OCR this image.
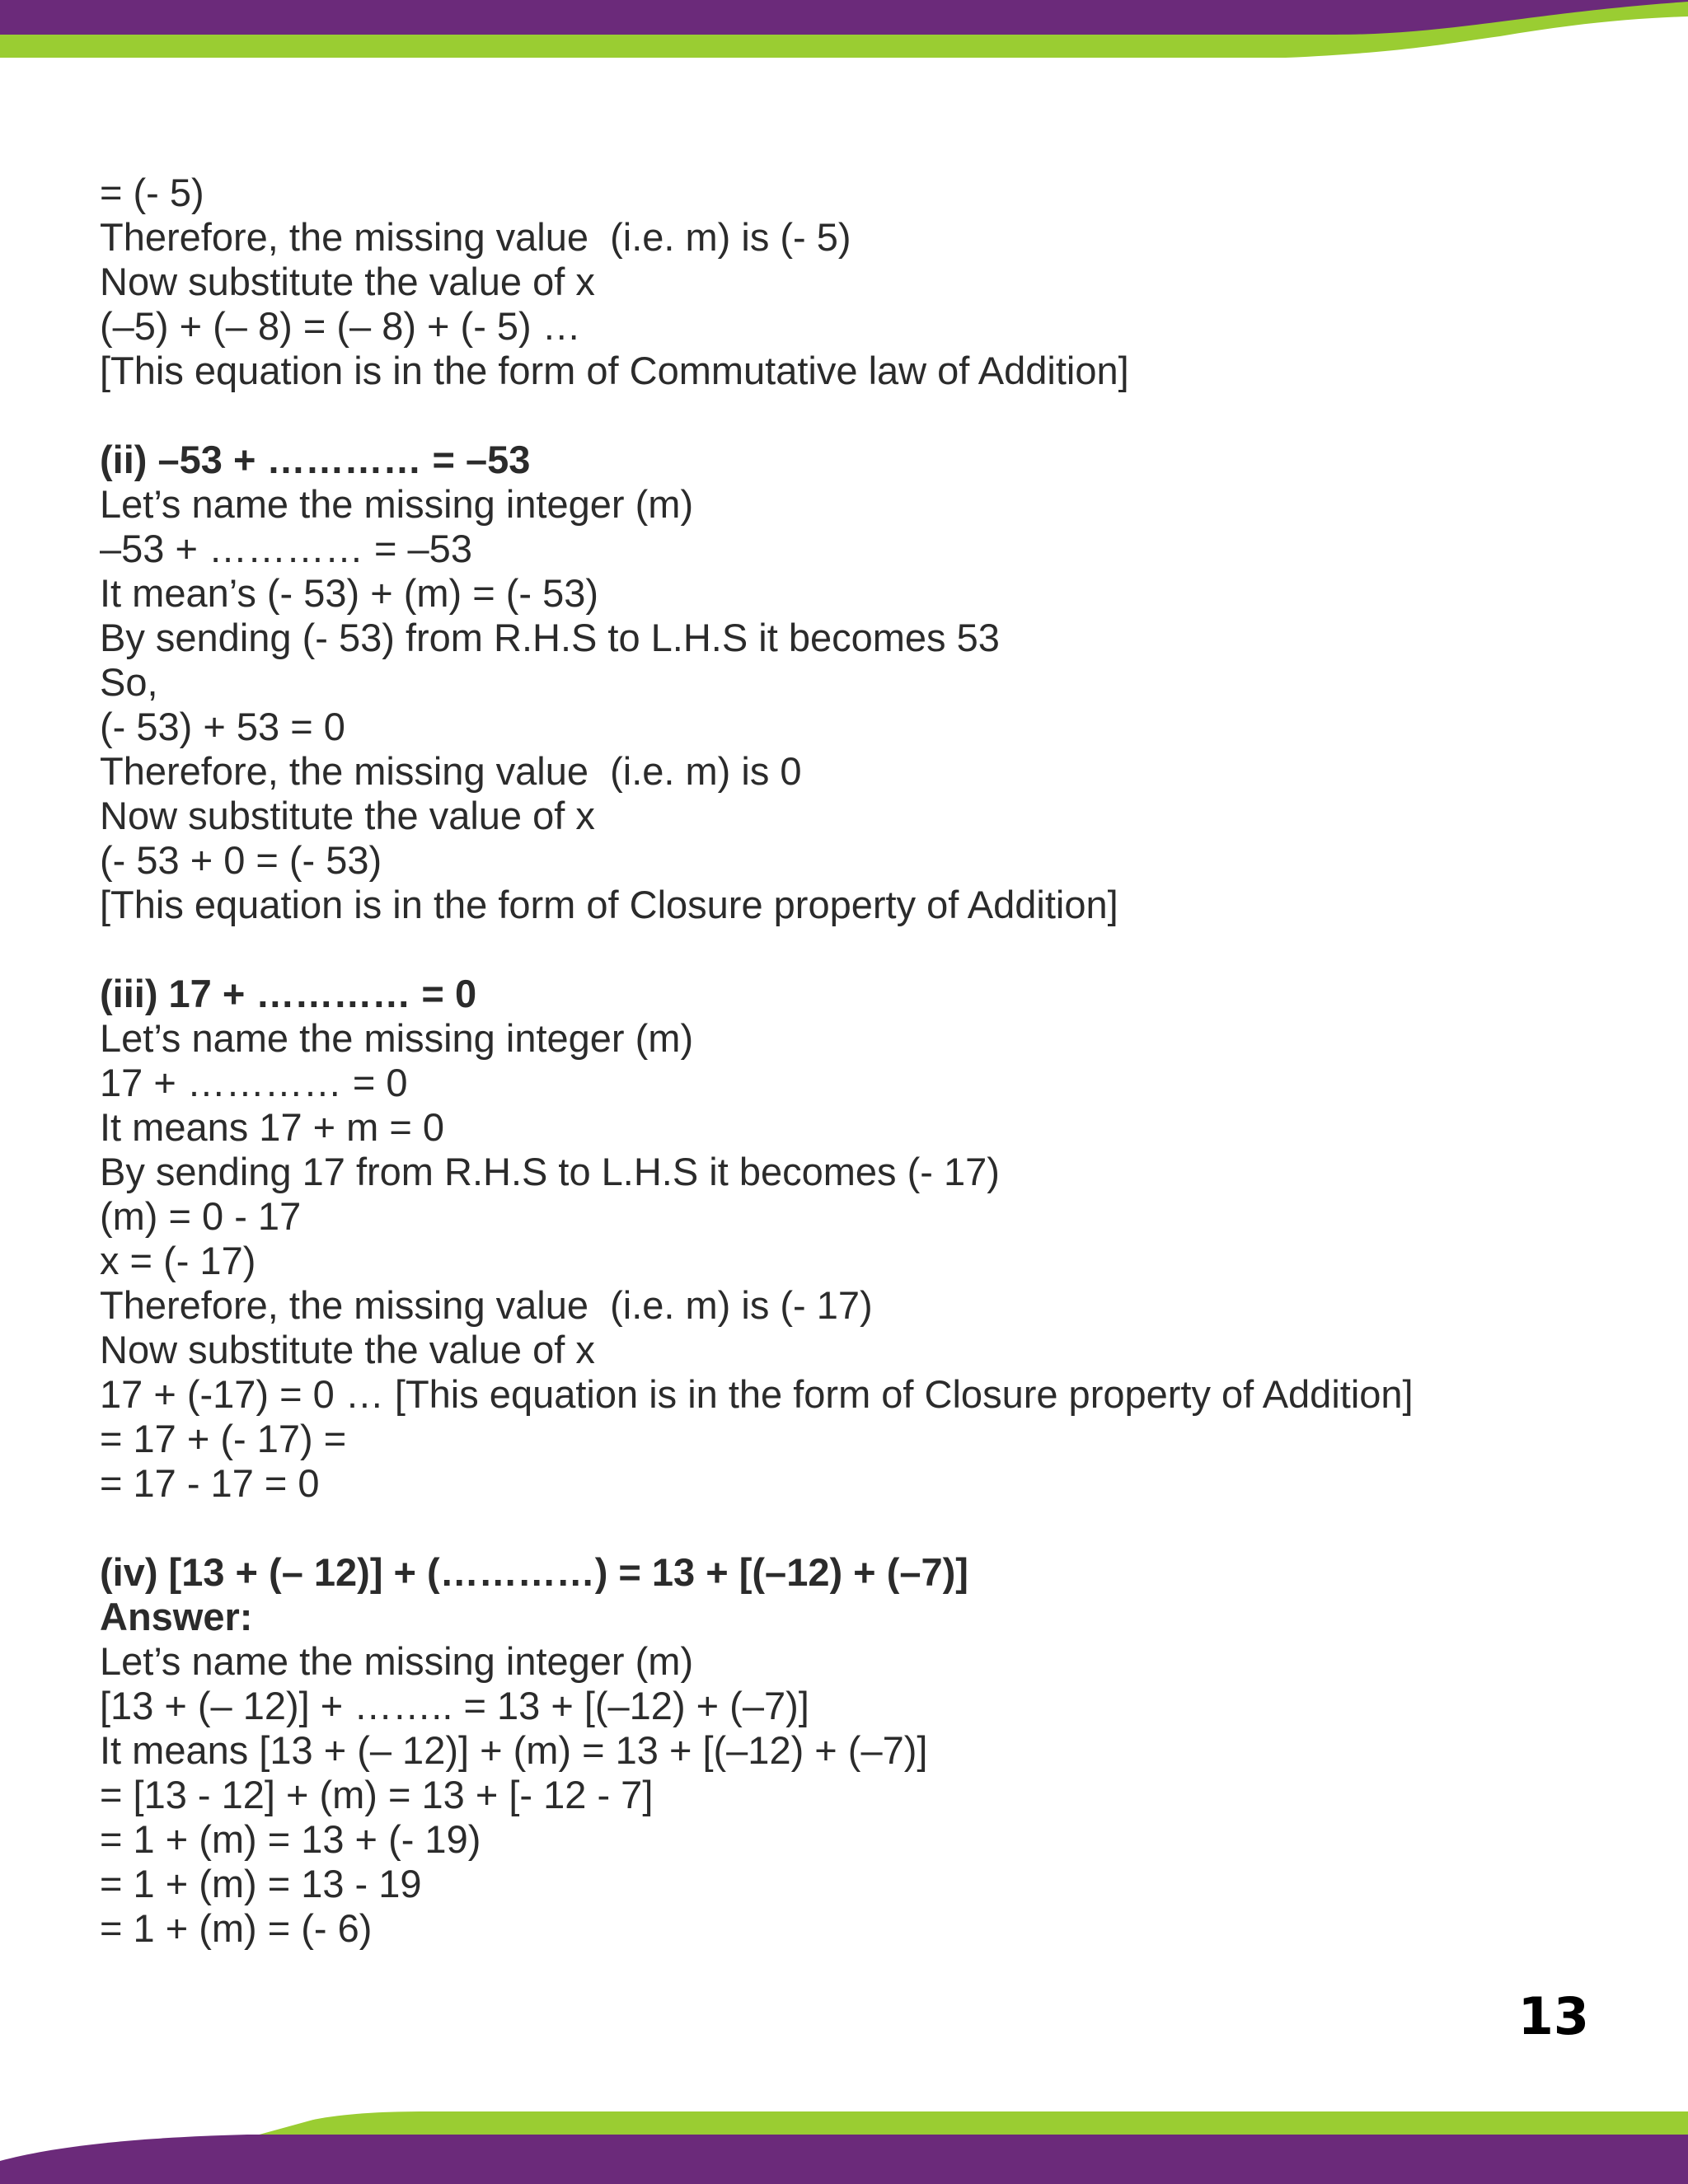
= (- 5)
Therefore, the missing value  (i.e. m) is (- 5)
Now substitute the value of x
(–5) + (– 8) = (– 8) + (- 5) …
[This equation is in the form of Commutative law of Addition]
(ii) –53 + ………… = –53
Let’s name the missing integer (m)
–53 + ………… = –53
It mean’s (- 53) + (m) = (- 53)
By sending (- 53) from R.H.S to L.H.S it becomes 53
So,
(- 53) + 53 = 0
Therefore, the missing value  (i.e. m) is 0
Now substitute the value of x
(- 53 + 0 = (- 53)
[This equation is in the form of Closure property of Addition]
(iii) 17 + ………… = 0
Let’s name the missing integer (m)
17 + ………… = 0
It means 17 + m = 0
By sending 17 from R.H.S to L.H.S it becomes (- 17)
(m) = 0 - 17
x = (- 17)
Therefore, the missing value  (i.e. m) is (- 17)
Now substitute the value of x
17 + (-17) = 0 … [This equation is in the form of Closure property of Addition]
= 17 + (- 17) =
= 17 - 17 = 0
(iv) [13 + (– 12)] + (…………) = 13 + [(–12) + (–7)]
Answer:
Let’s name the missing integer (m)
[13 + (– 12)] + …….. = 13 + [(–12) + (–7)]
It means [13 + (– 12)] + (m) = 13 + [(–12) + (–7)]
= [13 - 12] + (m) = 13 + [- 12 - 7]
= 1 + (m) = 13 + (- 19)
= 1 + (m) = 13 - 19
= 1 + (m) = (- 6)
13
